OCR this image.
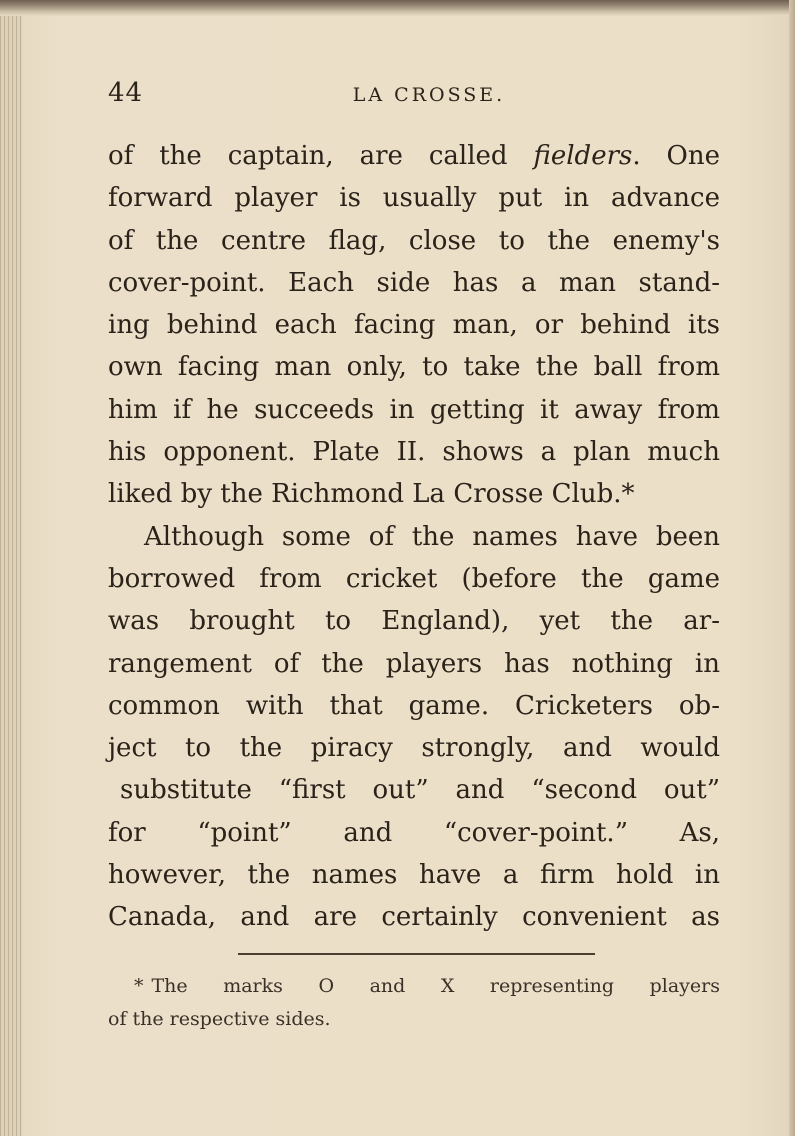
44	LA CROSSE.
of the captain, are called fielders. One
forward player is usually put in advance
of the centre flag, close to the enemy's
cover-point. Each side has a man stand-
ing behind each facing man, or behind its
own facing man only, to take the ball from
him if he succeeds in getting it away from
his opponent. Plate II. shows a plan much
liked by the Richmond La Crosse Club.*
Although some of the names have been
borrowed from cricket (before the game
was brought to England), yet the ar-
rangement of the players has nothing in
common with that game. Cricketers ob-
ject to the piracy strongly, and would
substitute “first out” and “second out”
for “point” and “cover-point.” As,
however, the names have a firm hold in
Canada, and are certainly convenient as
* The marks O and X representing players
of the respective sides.
